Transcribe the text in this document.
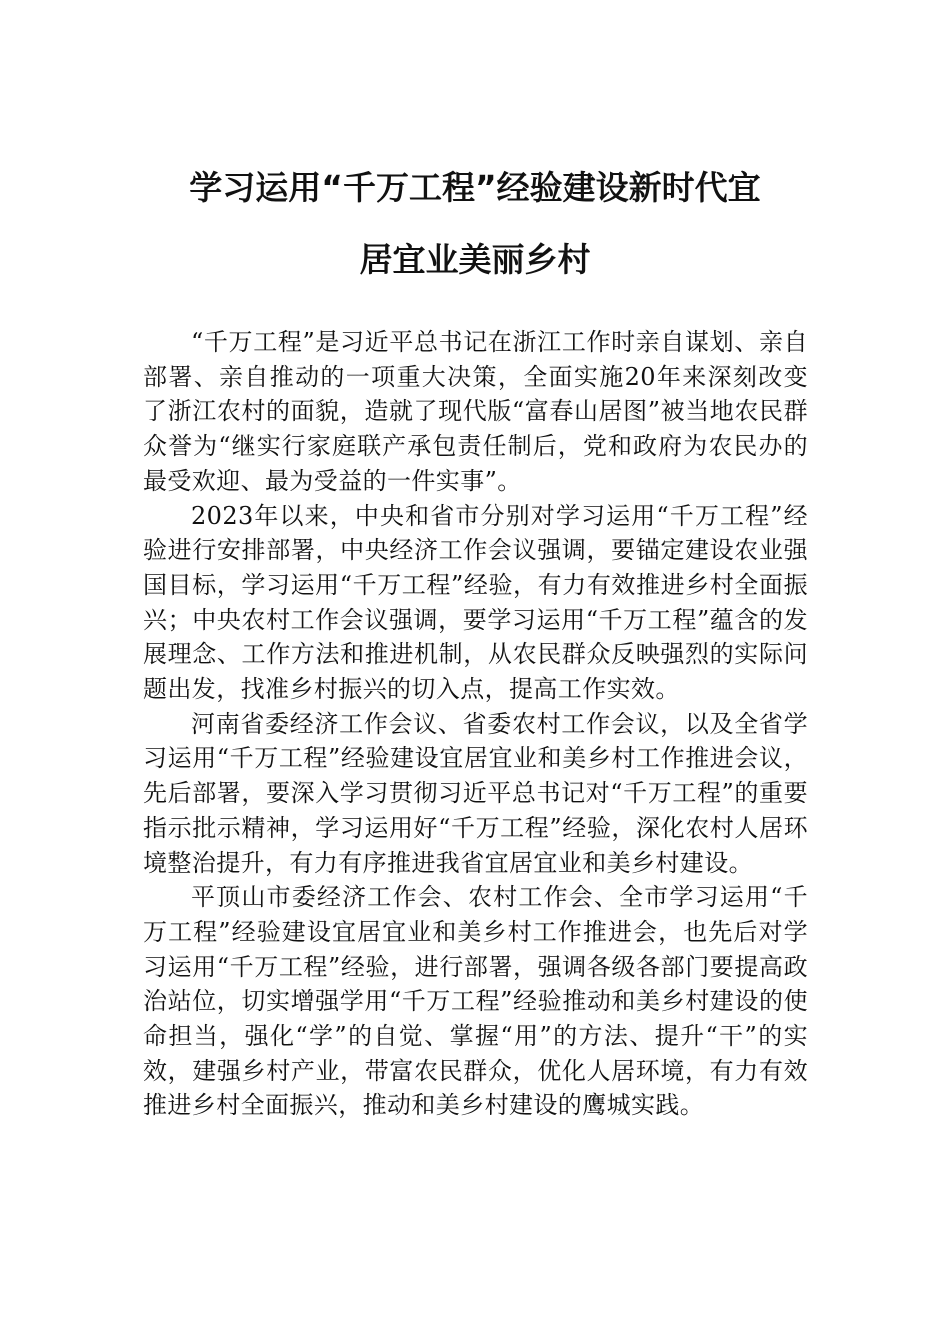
学习运用“千万工程”经验建设新时代宜
居宜业美丽乡村

“千万工程”是习近平总书记在浙江工作时亲自谋划、亲自部署、亲自推动的一项重大决策，全面实施20年来深刻改变了浙江农村的面貌，造就了现代版“富春山居图”被当地农民群众誉为“继实行家庭联产承包责任制后，党和政府为农民办的最受欢迎、最为受益的一件实事”。

2023年以来，中央和省市分别对学习运用“千万工程”经验进行安排部署，中央经济工作会议强调，要锚定建设农业强国目标，学习运用“千万工程”经验，有力有效推进乡村全面振兴；中央农村工作会议强调，要学习运用“千万工程”蕴含的发展理念、工作方法和推进机制，从农民群众反映强烈的实际问题出发，找准乡村振兴的切入点，提高工作实效。

河南省委经济工作会议、省委农村工作会议，以及全省学习运用“千万工程”经验建设宜居宜业和美乡村工作推进会议，先后部署，要深入学习贯彻习近平总书记对“千万工程”的重要指示批示精神，学习运用好“千万工程”经验，深化农村人居环境整治提升，有力有序推进我省宜居宜业和美乡村建设。

平顶山市委经济工作会、农村工作会、全市学习运用“千万工程”经验建设宜居宜业和美乡村工作推进会，也先后对学习运用“千万工程”经验，进行部署，强调各级各部门要提高政治站位，切实增强学用“千万工程”经验推动和美乡村建设的使命担当，强化“学”的自觉、掌握“用”的方法、提升“干”的实效，建强乡村产业，带富农民群众，优化人居环境，有力有效推进乡村全面振兴，推动和美乡村建设的鹰城实践。
